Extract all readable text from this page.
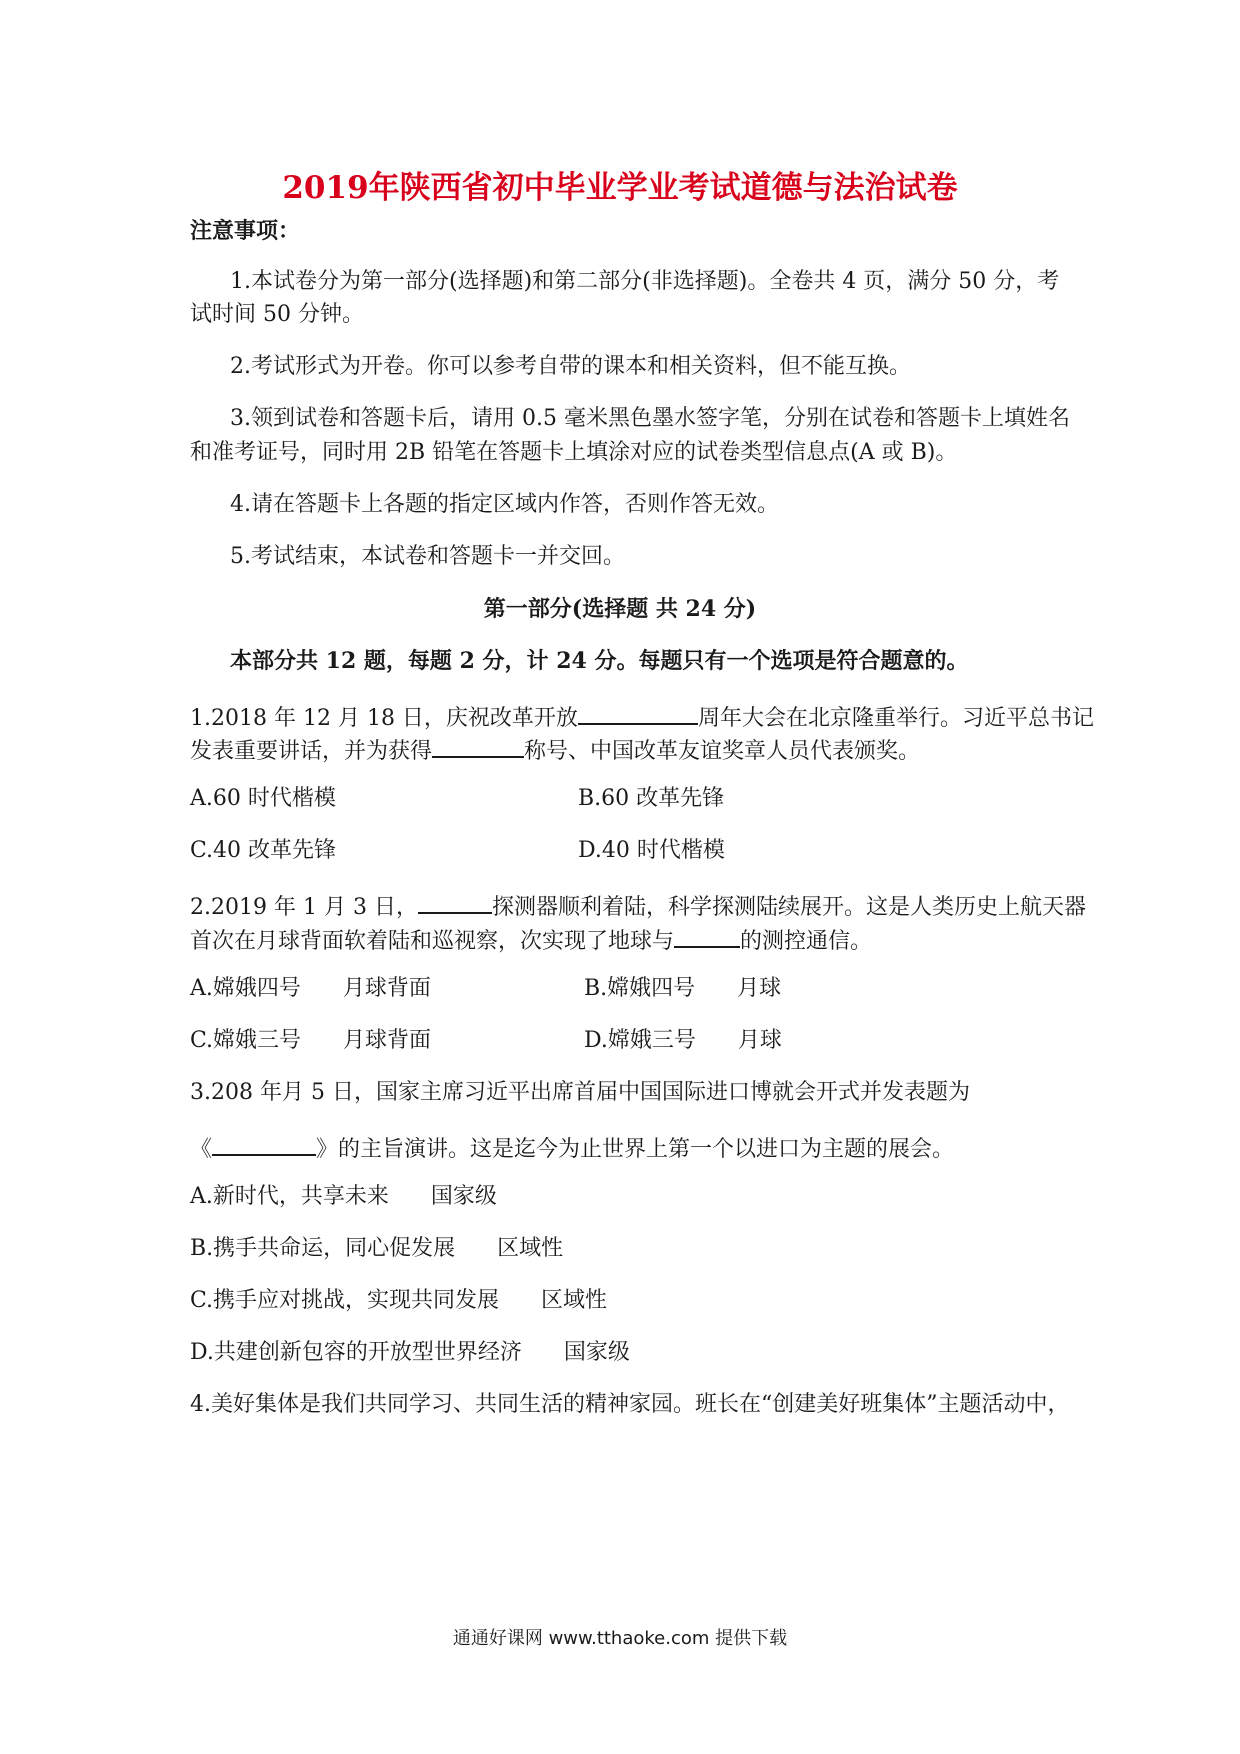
2019年陕西省初中毕业学业考试道德与法治试卷
注意事项：
1.本试卷分为第一部分(选择题)和第二部分(非选择题)。全卷共 4 页，满分 50 分，考
试时间 50 分钟。
2.考试形式为开卷。你可以参考自带的课本和相关资料，但不能互换。
3.领到试卷和答题卡后，请用 0.5 毫米黑色墨水签字笔，分别在试卷和答题卡上填姓名
和准考证号，同时用 2B 铅笔在答题卡上填涂对应的试卷类型信息点(A 或 B)。
4.请在答题卡上各题的指定区域内作答，否则作答无效。
5.考试结束，本试卷和答题卡一并交回。
第一部分(选择题 共 24 分)
本部分共 12 题，每题 2 分，计 24 分。每题只有一个选项是符合题意的。
1.2018 年 12 月 18 日，庆祝改革开放	周年大会在北京隆重举行。习近平总书记
发表重要讲话，并为获得	称号、中国改革友谊奖章人员代表颁奖。
A.60 时代楷模	B.60 改革先锋
C.40 改革先锋	D.40 时代楷模
2.2019 年 1 月 3 日，	探测器顺利着陆，科学探测陆续展开。这是人类历史上航天器
首次在月球背面软着陆和巡视察，次实现了地球与	的测控通信。
A.嫦娥四号 月球背面	B.嫦娥四号 月球
C.嫦娥三号 月球背面	D.嫦娥三号 月球
3.208 年月 5 日，国家主席习近平出席首届中国国际进口博就会开式并发表题为
《	》的主旨演讲。这是迄今为止世界上第一个以进口为主题的展会。
A.新时代，共享未来 国家级
B.携手共命运，同心促发展 区域性
C.携手应对挑战，实现共同发展 区域性
D.共建创新包容的开放型世界经济 国家级
4.美好集体是我们共同学习、共同生活的精神家园。班长在“创建美好班集体”主题活动中，
通通好课网 www.tthaoke.com 提供下载
